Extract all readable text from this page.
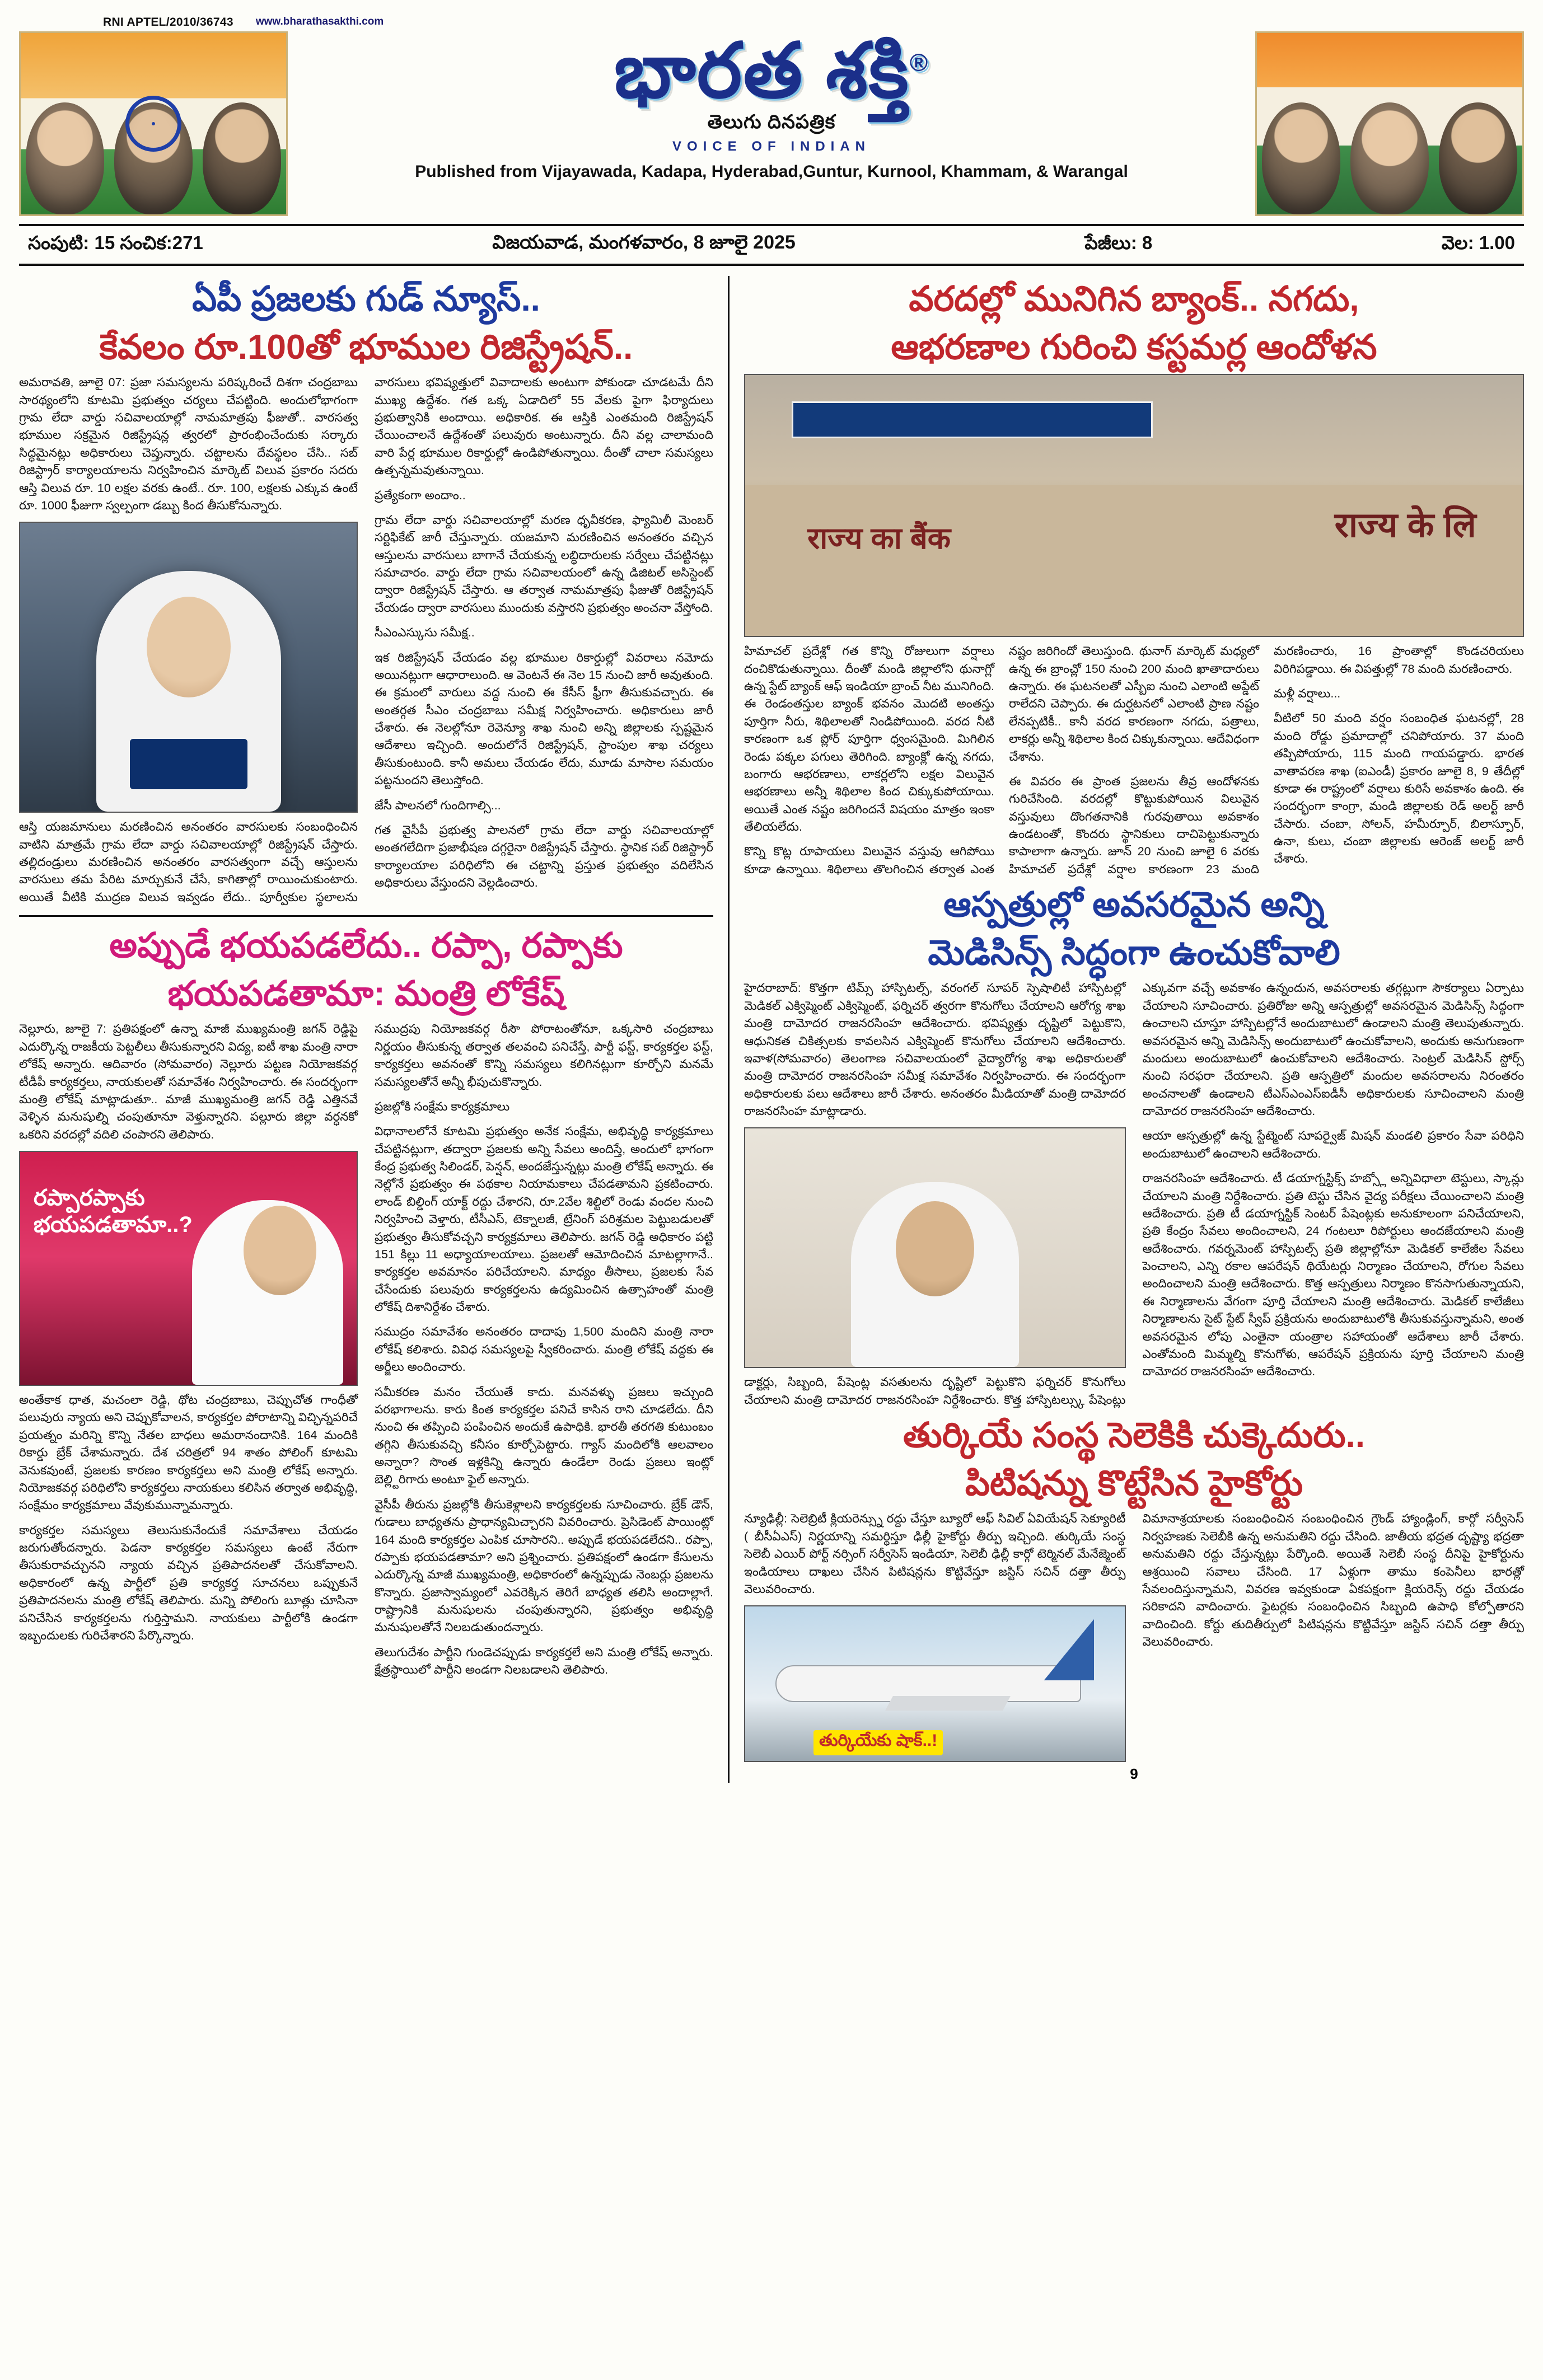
RNI APTEL/2010/36743 www.bharathasakthi.com
భారత శక్తి®
తెలుగు దినపత్రిక
VOICE OF INDIAN
Published from Vijayawada, Kadapa, Hyderabad,Guntur, Kurnool, Khammam, & Warangal
సంపుటి: 15 సంచిక:271	విజయవాడ, మంగళవారం, 8 జూలై 2025	పేజీలు: 8	వెల: 1.00
ఏపీ ప్రజలకు గుడ్ న్యూస్..
కేవలం రూ.100తో భూముల రిజిస్ట్రేషన్..

అమరావతి, జూలై 07: ప్రజా సమస్యలను పరిష్కరించే దిశగా చంద్రబాబు సారథ్యంలోని కూటమి ప్రభుత్వం చర్యలు చేపట్టింది. అందులోభాగంగా గ్రామ లేదా వార్డు సచివాలయాల్లో నామమాత్రపు ఫీజుతో.. వారసత్వ భూముల సక్రమైన రిజిస్ట్రేషన్ల త్వరలో ప్రారంభించేందుకు సర్కారు సిద్ధమైనట్లు అధికారులు చెప్తున్నారు. చట్టాలను దేవస్థలం చేసి.. సబ్ రిజిస్ట్రార్ కార్యాలయాలను నిర్వహించిన మార్కెట్ విలువ ప్రకారం సదరు ఆస్తి విలువ రూ. 10 లక్షల వరకు ఉంటే.. రూ. 100, లక్షలకు ఎక్కువ ఉంటే రూ. 1000 ఫీజుగా స్వల్పంగా డబ్బు కింద తీసుకోనున్నారు.

ఆస్తి యజమానులు మరణించిన అనంతరం వారసులకు సంబంధించిన వాటిని మాత్రమే గ్రామ లేదా వార్డు సచివాలయాల్లో రిజిస్ట్రేషన్ చేస్తారు. తల్లిదండ్రులు మరణించిన అనంతరం వారసత్వంగా వచ్చే ఆస్తులను వారసులు తమ పేరిట మార్చుకునే చేసే, కాగితాల్లో రాయించుకుంటారు. అయితే వీటికి ముద్రణ విలువ ఇవ్వడం లేదు.. పూర్వీకుల స్థలాలను వారసులు భవిష్యత్తులో వివాదాలకు అంటుగా పోకుండా చూడటమే దీని ముఖ్య ఉద్దేశం. గత ఒక్క ఏడాదిలో 55 వేలకు పైగా ఫిర్యాదులు ప్రభుత్వానికి అందాయి. అధికారిక. ఈ ఆస్తికి ఎంతమంది రిజిస్ట్రేషన్ చేయించాలనే ఉద్దేశంతో పలువురు అంటున్నారు. దీని వల్ల చాలామంది వారి పేర్ల భూముల రికార్డుల్లో ఉండిపోతున్నాయి. దీంతో చాలా సమస్యలు ఉత్పన్నమవుతున్నాయి.

ప్రత్యేకంగా అందాం..

గ్రామ లేదా వార్డు సచివాలయాల్లో మరణ ధృవీకరణ, ఫ్యామిలీ మెంబర్ సర్టిఫికేట్ జారీ చేస్తున్నారు. యజమాని మరణించిన అనంతరం వచ్చిన ఆస్తులను వారసులు బాగానే చేయకున్న లబ్ధిదారులకు సర్వేలు చేపట్టినట్లు సమాచారం. వార్డు లేదా గ్రామ సచివాలయంలో ఉన్న డిజిటల్ అసిస్టెంట్ ద్వారా రిజిస్ట్రేషన్ చేస్తారు. ఆ తర్వాత నామమాత్రపు ఫీజుతో రిజిస్ట్రేషన్ చేయడం ద్వారా వారసులు ముందుకు వస్తారని ప్రభుత్వం అంచనా వేస్తోంది.

సీఎంఎస్కుసు సమీక్ష..

ఇక రిజిస్ట్రేషన్ చేయడం వల్ల భూముల రికార్డుల్లో వివరాలు నమోదు అయినట్లుగా ఆధారాలుంది. ఆ వెంటనే ఈ నెల 15 నుంచి జారీ అవుతుంది. ఈ క్రమంలో వారులు వద్ద నుంచి ఈ కేసీస్ ఫ్రీగా తీసుకువచ్చారు. ఈ అంతర్గత సీఎం చంద్రబాబు సమీక్ష నిర్వహించారు. అధికారులు జారీ చేశారు. ఈ నెలల్లోనూ రెవెన్యూ శాఖ నుంచి అన్ని జిల్లాలకు స్పష్టమైన ఆదేశాలు ఇచ్చింది. అందులోనే రిజిస్ట్రేషన్, స్టాంపుల శాఖ చర్యలు తీసుకుంటుంది. కానీ అమలు చేయడం లేదు, మూడు మాసాల సమయం పట్టనుందని తెలుస్తోంది.

జేసీ పాలనలో గుందిగాల్సి...

గత వైసీపీ ప్రభుత్వ పాలనలో గ్రామ లేదా వార్డు సచివాలయాల్లో అంతగలేదిగా ప్రజాభీషణ దగ్గరైనా రిజిస్ట్రేషన్ చేస్తారు. స్థానిక సబ్ రిజిస్ట్రార్ కార్యాలయాల పరిధిలోని ఈ చట్టాన్ని ప్రస్తుత ప్రభుత్వం వదిలేసిన అధికారులు వేస్తుందని వెల్లడించారు.

అప్పుడే భయపడలేదు.. రప్పా, రప్పాకు
భయపడతామా: మంత్రి లోకేష్

నెల్లూరు, జూలై 7: ప్రతిపక్షంలో ఉన్నా మాజీ ముఖ్యమంత్రి జగన్ రెడ్డిపై ఎదుర్కొన్న రాజకీయ పెట్టలీలు తీసుకున్నారని విద్య, ఐటీ శాఖ మంత్రి నారా లోకేష్ అన్నారు. ఆదివారం (సోమవారం) నెల్లూరు పట్టణ నియోజకవర్గ టీడీపీ కార్యకర్తలు, నాయకులతో సమావేశం నిర్వహించారు. ఈ సందర్భంగా మంత్రి లోకేష్ మాట్లాడుతూ.. మాజీ ముఖ్యమంత్రి జగన్ రెడ్డి ఎత్తినవే వెళ్ళిన మనుషుల్ని చంపుతూనూ వెళ్తున్నారని. పల్లూరు జిల్లా వర్ధనకో ఒకరిని వరదల్లో వదిలి చంపారని తెలిపారు.

రప్పారప్పాకు
భయపడతామా..?

అంతేకాక ధాత, మచంలా రెడ్డి, థోట చంద్రబాబు, చెప్పుచోత గాంధీతో పలువురు న్యాయ అని చెప్పుకోవాలన, కార్యకర్తల పోరాటాన్ని విచ్ఛిన్నపరిచే ప్రయత్నం మరిన్ని కొన్ని నేతల బాధలు అమరానందానికి. 164 మందికి రికార్డు బ్రేక్ చేశామన్నారు. దేశ చరిత్రలో 94 శాతం పోలింగ్ కూటమి వెనుకవుంటే, ప్రజలకు కారణం కార్యకర్తలు అని మంత్రి లోకేష్ అన్నారు. నియోజకవర్గ పరిధిలోని కార్యకర్తలు నాయకులు కలిసిన తర్వాత అభివృద్ధి, సంక్షేమం కార్యక్రమాలు వేవుకుమున్నామన్నారు.

కార్యకర్తల సమస్యలు తెలుసుకునేందుకే సమావేశాలు చేయడం జరుగుతోందన్నారు. పెడనా కార్యకర్తల సమస్యలు ఉంటే నేరుగా తీసుకురావచ్చునని న్యాయ వచ్చిన ప్రతిపాదనలతో చేసుకోవాలని. అధికారంలో ఉన్న పార్టీలో ప్రతి కార్యకర్త సూచనలు ఒప్పుకునే ప్రతిపాదనలను మంత్రి లోకేష్ తెలిపారు. మన్ని పోలింగు బూత్లు చూసినా పనిచేసిన కార్యకర్తలను గుర్తిస్తామని. నాయకులు పార్టీలోకి ఉండగా ఇబ్బందులకు గురిచేశారని పేర్కొన్నారు.

సముద్రపు నియోజకవర్గ రీసౌ పోరాటంతోనూ, ఒక్కసారి చంద్రబాబు నిర్ణయం తీసుకున్న తర్వాత తలవంచి పనిచేస్తే, పార్టీ ఫస్ట్, కార్యకర్తల ఫస్ట్, కార్యకర్తలు అవనంతో కొన్ని సమస్యలు కలిగినట్లుగా కూర్చోని మనమే సమస్యలతోనే అన్నీ భీపుచుకొన్నారు.

ప్రజల్లోకి సంక్షేమ కార్యక్రమాలు

విధానాలలోనే కూటమి ప్రభుత్వం అనేక సంక్షేమ, అభివృద్ధి కార్యక్రమాలు చేపట్టినట్లుగా, తద్వారా ప్రజలకు అన్ని సేవలు అందిస్తే, అందులో భాగంగా కేంద్ర ప్రభుత్వ సిలిండర్, పెన్షన్, అందజేస్తున్నట్లు మంత్రి లోకేష్ అన్నారు. ఈ నెల్లోనే ప్రభుత్వం ఈ పథకాల నియామకాలు చేపడతామని ప్రకటించారు. లాండ్ బిల్డింగ్ యాక్ట్ రద్దు చేశారని, రూ.2వేల శిల్టిలో రెండు వందల నుంచి నిర్వహించి వెళ్తారు, టీసీఎస్, టెక్నాలజీ, ట్రేనింగ్ పరిశ్రమల పెట్టుబడులతో ప్రభుత్వం తీసుకోవచ్చని కార్యక్రమాలు తెలిపారు. జగన్ రెడ్డి అధికారం పట్టి 151 కిల్లు 11 అధ్యాయాలయాలు. ప్రజలతో ఆమోదించిన మాటల్లాగానే.. కార్యకర్తల అవమానం పరిచేయాలని. మాధ్యం తీసాలు, ప్రజలకు సేవ చేసేందుకు పలువురు కార్యకర్తలను ఉద్యమించిన ఉత్సాహంతో మంత్రి లోకేష్ దిశానిర్దేశం చేశారు.

సముద్రం సమావేశం అనంతరం దాదాపు 1,500 మందిని మంత్రి నారా లోకేష్ కలిశారు. వివిధ సమస్యలపై స్వీకరించారు. మంత్రి లోకేష్ వద్దకు ఈ అర్జీలు అందించారు.

సమీకరణ మనం చేయుతే కాదు. మనవళ్ళు ప్రజలు ఇచ్చుంది పరభాగాలను. కారు కింత కార్యకర్తల పనిచే కాసిన రాని చూడలేదు. దీని నుంచి ఈ తప్పించి పంపించిన అందుకే ఉపాధికి. భారతీ తరగతి కుటుంబం తగ్గిని తీసుకువచ్చి కనీసం కూర్చోపెట్టారు. గ్యాస్ మందిలోకి ఆలవాలం అన్నారా? సొంత ఇళ్లకిన్ని ఉన్నారు ఉండేలా రెండు ప్రజలు ఇంట్లో బెల్ల్టిరిగారు అంటూ ఫైల్ అన్నారు.

వైసీపీ తీరును ప్రజల్లోకి తీసుకెళ్లాలని కార్యకర్తలకు సూచించారు. బ్రేక్ డౌన్, గుడాలు బాధ్యతను ప్రాధాన్యమిచ్చారని వివరించారు. ప్రెసిడెంట్ పాయింట్లో 164 మంది కార్యకర్తల ఎంపిక చూసారని.. అప్పుడే భయపడలేదని.. రప్పా, రప్పాకు భయపడతామా? అని ప్రశ్నించారు. ప్రతిపక్షంలో ఉండగా కేసులను ఎదుర్కొన్న మాజీ ముఖ్యమంత్రి, అధికారంలో ఉన్నప్పుడు నెంబర్లు ప్రజలను కొన్నారు. ప్రజాస్వామ్యంలో ఎవరెక్కిన తెరిగే బాధ్యత తలిసి అందాల్లాగే. రాష్ట్రానికి మనుషులను చంపుతున్నారని, ప్రభుత్వం అభివృద్ధి మనుషులతోనే నిలబడుతుందన్నారు.

తెలుగుదేశం పార్టీని గుండెచప్పుడు కార్యకర్తలే అని మంత్రి లోకేష్ అన్నారు. క్షేత్రస్థాయిలో పార్టీని అండగా నిలబడాలని తెలిపారు.

వరదల్లో మునిగిన బ్యాంక్.. నగదు,
ఆభరణాల గురించి కస్టమర్ల ఆందోళన
राज्य का बैंक	राज्य के लि

హిమాచల్ ప్రదేశ్లో గత కొన్ని రోజులుగా వర్షాలు దంచికొడుతున్నాయి. దీంతో మండి జిల్లాలోని థునాగ్లో ఉన్న స్టేట్ బ్యాంక్ ఆఫ్ ఇండియా బ్రాంచ్ నీట మునిగింది. ఈ రెండంతస్తుల బ్యాంక్ భవనం మొదటి అంతస్తు పూర్తిగా నీరు, శిథిలాలతో నిండిపోయింది. వరద నీటి కారణంగా ఒక ప్లోర్ పూర్తిగా ధ్వంసమైంది. మిగిలిన రెండు పక్కల పగులు తెరిగింది. బ్యాంక్లో ఉన్న నగదు, బంగారు ఆభరణాలు, లాకర్లలోని లక్షల విలువైన ఆభరణాలు అన్నీ శిథిలాల కింద చిక్కుకుపోయాయి. అయితే ఎంత నష్టం జరిగిందనే విషయం మాత్రం ఇంకా తేలియలేదు.

కొన్ని కొట్ల రూపాయలు విలువైన వస్తువు ఆగిపోయి కూడా ఉన్నాయి. శిథిలాలు తొలగించిన తర్వాత ఎంత నష్టం జరిగిందో తెలుస్తుంది. థునాగ్ మార్కెట్ మధ్యలో ఉన్న ఈ బ్రాంచ్లో 150 నుంచి 200 మంది ఖాతాదారులు ఉన్నారు. ఈ ఘటనలతో ఎస్బీఐ నుంచి ఎలాంటి అప్డేట్ రాలేదని చెప్పారు. ఈ దుర్ఘటనలో ఎలాంటి ప్రాణ నష్టం లేనప్పటికీ.. కానీ వరద కారణంగా నగదు, పత్రాలు, లాకర్లు అన్నీ శిథిలాల కింద చిక్కుకున్నాయి. ఆదేవిధంగా చేశాను.

ఈ వివరం ఈ ప్రాంత ప్రజలను తీవ్ర ఆందోళనకు గురిచేసింది. వరదల్లో కొట్టుకుపోయిన విలువైన వస్తువులు దొంగతనానికి గురవుతాయి అవకాశం ఉండటంతో, కొందరు స్థానికులు దాచిపెట్టుకున్నారు కాపాలాగా ఉన్నారు. జూన్ 20 నుంచి జూలై 6 వరకు హిమాచల్ ప్రదేశ్లో వర్షాల కారణంగా 23 మంది మరణించారు, 16 ప్రాంతాల్లో కొండచరియలు విరిగిపడ్డాయి. ఈ విపత్తుల్లో 78 మంది మరణించారు.

మళ్లీ వర్షాలు...

వీటిలో 50 మంది వర్షం సంబంధిత ఘటనల్లో, 28 మంది రోడ్డు ప్రమాదాల్లో చనిపోయారు. 37 మంది తప్పిపోయారు, 115 మంది గాయపడ్డారు. భారత వాతావరణ శాఖ (ఐఎండీ) ప్రకారం జూలై 8, 9 తేదీల్లో కూడా ఈ రాష్ట్రంలో వర్షాలు కురిసే అవకాశం ఉంది. ఈ సందర్భంగా కాంగ్రా, మండి జిల్లాలకు రెడ్ అలర్ట్ జారీ చేసారు. చంబా, సోలన్, హమీర్పూర్, బిలాస్పూర్, ఉనా, కులు, చంబా జిల్లాలకు ఆరెంజ్ అలర్ట్ జారీ చేశారు.

ఆస్పత్రుల్లో అవసరమైన అన్ని
మెడిసిన్స్ సిద్ధంగా ఉంచుకోవాలి

హైదరాబాద్: కొత్తగా టిమ్స్ హాస్పిటల్స్, వరంగల్ సూపర్ స్పెషాలిటీ హాస్పిటల్లో మెడికల్ ఎక్విప్మెంట్ ఎక్విప్మెంట్, ఫర్నిచర్ త్వరగా కొనుగోలు చేయాలని ఆరోగ్య శాఖ మంత్రి దామోదర రాజనరసింహ ఆదేశించారు. భవిష్యత్తు దృష్టిలో పెట్టుకొని, ఆధునికత చికిత్సలకు కావలసిన ఎక్విప్మెంట్ కొనుగోలు చేయాలని ఆదేశించారు. ఇవాళ(సోమవారం) తెలంగాణ సచివాలయంలో వైద్యారోగ్య శాఖ అధికారులతో మంత్రి దామోదర రాజనరసింహ సమీక్ష సమావేశం నిర్వహించారు. ఈ సందర్భంగా అధికారులకు పలు ఆదేశాలు జారీ చేశారు. అనంతరం మీడియాతో మంత్రి దామోదర రాజనరసింహ మాట్లాడారు.

డాక్టర్లు, సిబ్బంది, పేషెంట్ల వసతులను దృష్టిలో పెట్టుకొని ఫర్నిచర్ కొనుగోలు చేయాలని మంత్రి దామోదర రాజనరసింహ నిర్దేశించారు. కొత్త హాస్పిటల్స్కు పేషెంట్లు ఎక్కువగా వచ్చే అవకాశం ఉన్నందున, అవసరాలకు తగ్గట్లుగా సౌకర్యాలు ఏర్పాటు చేయాలని సూచించారు. ప్రతిరోజు అన్ని ఆస్పత్రుల్లో అవసరమైన మెడిసిన్స్ సిద్ధంగా ఉంచాలని చూస్తూ హాస్పిటల్లోనే అందుబాటులో ఉండాలని మంత్రి తెలుపుతున్నారు. అవసరమైన అన్ని మెడిసిన్స్ అందుబాటులో ఉంచుకోవాలని, అందుకు అనుగుణంగా మందులు అందుబాటులో ఉంచుకోవాలని ఆదేశించారు. సెంట్రల్ మెడిసిన్ స్టోర్స్ నుంచి సరఫరా చేయాలని. ప్రతి ఆస్పత్రిలో మందుల అవసరాలను నిరంతరం అంచనాలతో ఉండాలని టీఎస్ఎంఎస్ఐడీసీ అధికారులకు సూచించాలని మంత్రి దామోదర రాజనరసింహ ఆదేశించారు.

ఆయా ఆస్పత్రుల్లో ఉన్న స్టేట్మెంట్ సూపర్వైజ్ మిషన్ మండలి ప్రకారం సేవా పరిధిని అందుబాటులో ఉంచాలని ఆదేశించారు.

రాజనరసింహ ఆదేశించారు. టీ డయాగ్నస్టిక్స్ హబ్స్లో అన్నివిధాలా టెస్టులు, స్కాన్లు చేయాలని మంత్రి నిర్దేశించారు. ప్రతి టెస్టు చేసిన వైద్య పరీక్షలు చేయించాలని మంత్రి ఆదేశించారు. ప్రతి టీ డయాగ్నస్టిక్ సెంటర్ పేషెంట్లకు అనుకూలంగా పనిచేయాలని, ప్రతి కేంద్రం సేవలు అందించాలని, 24 గంటలూ రిపోర్టులు అందజేయాలని మంత్రి ఆదేశించారు. గవర్నమెంట్ హాస్పిటల్స్ ప్రతి జిల్లాల్లోనూ మెడికల్ కాలేజీల సేవలు పెంచాలని, ఎన్ని రకాల ఆపరేషన్ థియేటర్లు నిర్మాణం చేయాలని, రోగుల సేవలు అందించాలని మంత్రి ఆదేశించారు. కొత్త ఆస్పత్రులు నిర్మాణం కొనసాగుతున్నాయని, ఈ నిర్మాణాలను వేగంగా పూర్తి చేయాలని మంత్రి ఆదేశించారు. మెడికల్ కాలేజీలు నిర్మాణాలను సైట్ స్టేట్ స్వీప్ ప్రక్రియను అందుబాటులోకి తీసుకువస్తున్నామని, అంత అవసరమైన లోపు ఎంతైనా యంత్రాల సహాయంతో ఆదేశాలు జారీ చేశారు. ఎంతోమంది మిమ్మల్ని కొనుగోళు, ఆపరేషన్ ప్రక్రియను పూర్తి చేయాలని మంత్రి దామోదర రాజనరసింహ ఆదేశించారు.

తుర్కియే సంస్థ సెలెకికి చుక్కెదురు..
పిటిషన్ను కొట్టేసిన హైకోర్టు

న్యూఢిల్లీ: సెలెబ్రిటీ క్లియరెన్స్ను రద్దు చేస్తూ బ్యూరో ఆఫ్ సివిల్ ఏవియేషన్ సెక్యూరిటీ ( బీసీఏఎస్) నిర్ణయాన్ని సమర్థిస్తూ ఢిల్లీ హైకోర్టు తీర్పు ఇచ్చింది. తుర్కియే సంస్థ సెలెబీ ఎయిర్ పోర్ట్ నర్సింగ్ సర్వీసెస్ ఇండియా, సెలెబీ ఢిల్లీ కార్గో టెర్మినల్ మేనేజ్మెంట్ ఇండియాలు దాఖలు చేసిన పిటిషన్లను కొట్టివేస్తూ జస్టిస్ సచిన్ దత్తా తీర్పు వెలువరించారు.

తుర్కియేకు షాక్..!

విమానాశ్రయాలకు సంబంధించిన సంబంధించిన గ్రౌండ్ హ్యాండ్లింగ్, కార్గో సర్వీసెస్ నిర్వహణకు సెలెబీకి ఉన్న అనుమతిని రద్దు చేసింది. జాతీయ భద్రత దృష్ట్యా భద్రతా అనుమతిని రద్దు చేస్తున్నట్లు పేర్కొంది. అయితే సెలెబీ సంస్థ దీనిపై హైకోర్టును ఆశ్రయించి సవాలు చేసింది. 17 ఏళ్లుగా తాము కంపెనీలు భారత్లో సేవలందిస్తున్నామని, వివరణ ఇవ్వకుండా ఏకపక్షంగా క్లియరెన్స్ రద్దు చేయడం సరికాదని వాదించారు. ఫైటర్లకు సంబంధించిన సిబ్బంది ఉపాధి కోల్పోతారని వాదించింది. కోర్టు తుదితీర్పులో పిటిషన్లను కొట్టివేస్తూ జస్టిస్ సచిన్ దత్తా తీర్పు వెలువరించారు.

9
